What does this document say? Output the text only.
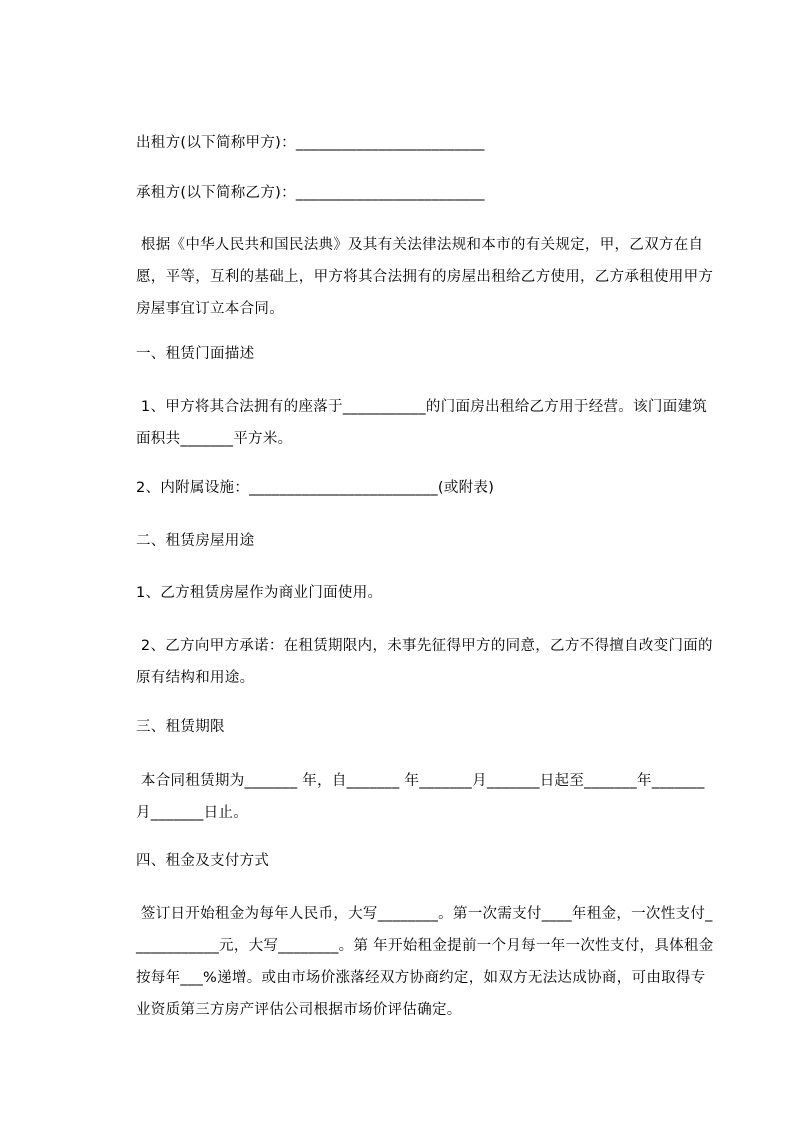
出租方(以下简称甲方)：_________________________
承租方(以下简称乙方)：_________________________
根据《中华人民共和国民法典》及其有关法律法规和本市的有关规定，甲，乙双方在自愿，平等，互利的基础上，甲方将其合法拥有的房屋出租给乙方使用，乙方承租使用甲方房屋事宜订立本合同。
一、租赁门面描述
1、甲方将其合法拥有的座落于___________的门面房出租给乙方用于经营。该门面建筑面积共_______平方米。
2、内附属设施：_________________________(或附表)
二、租赁房屋用途
1、乙方租赁房屋作为商业门面使用。
2、乙方向甲方承诺：在租赁期限内，未事先征得甲方的同意，乙方不得擅自改变门面的原有结构和用途。
三、租赁期限
本合同租赁期为_______ 年，自_______ 年_______月_______日起至_______年_______月_______日止。
四、租金及支付方式
签订日开始租金为每年人民币，大写________。第一次需支付____年租金，一次性支付____________元，大写________。第 年开始租金提前一个月每一年一次性支付，具体租金按每年___%递增。或由市场价涨落经双方协商约定，如双方无法达成协商，可由取得专业资质第三方房产评估公司根据市场价评估确定。
